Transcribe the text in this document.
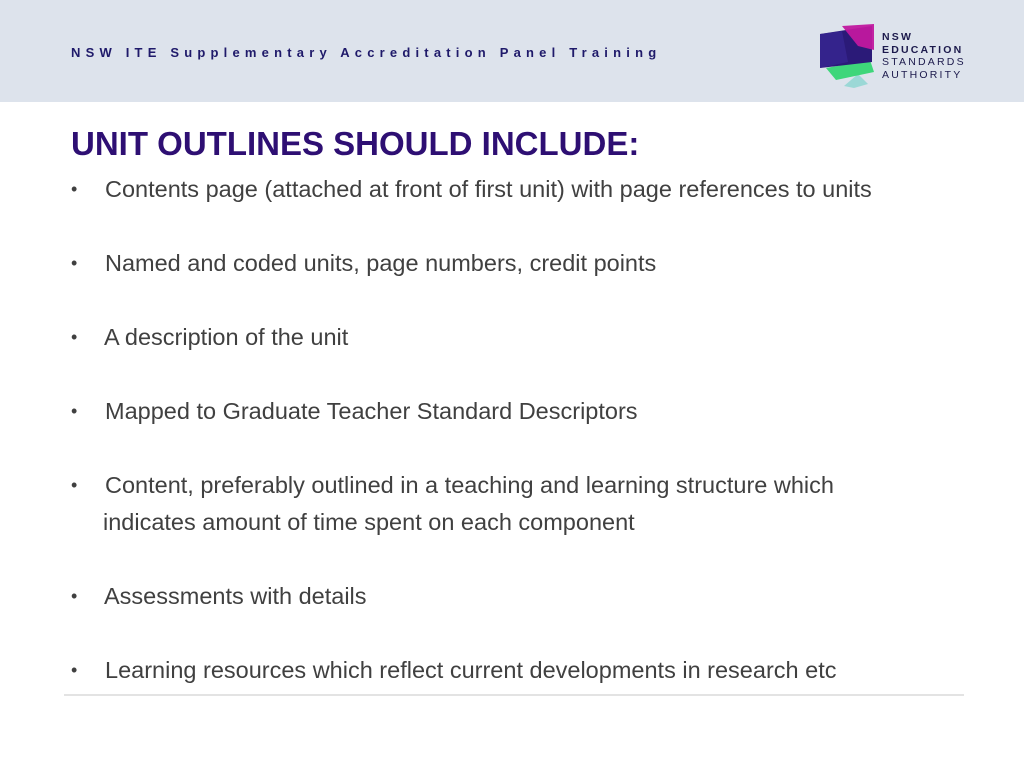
NSW ITE Supplementary Accreditation Panel Training
NSW
EDUCATION
STANDARDS
AUTHORITY
UNIT OUTLINES SHOULD INCLUDE:
• Contents page (attached at front of first unit) with page references to units
• Named and coded units, page numbers, credit points
• A description of the unit
• Mapped to Graduate Teacher Standard Descriptors
• Content, preferably outlined in a teaching and learning structure which
indicates amount of time spent on each component
• Assessments with details
• Learning resources which reflect current developments in research etc
